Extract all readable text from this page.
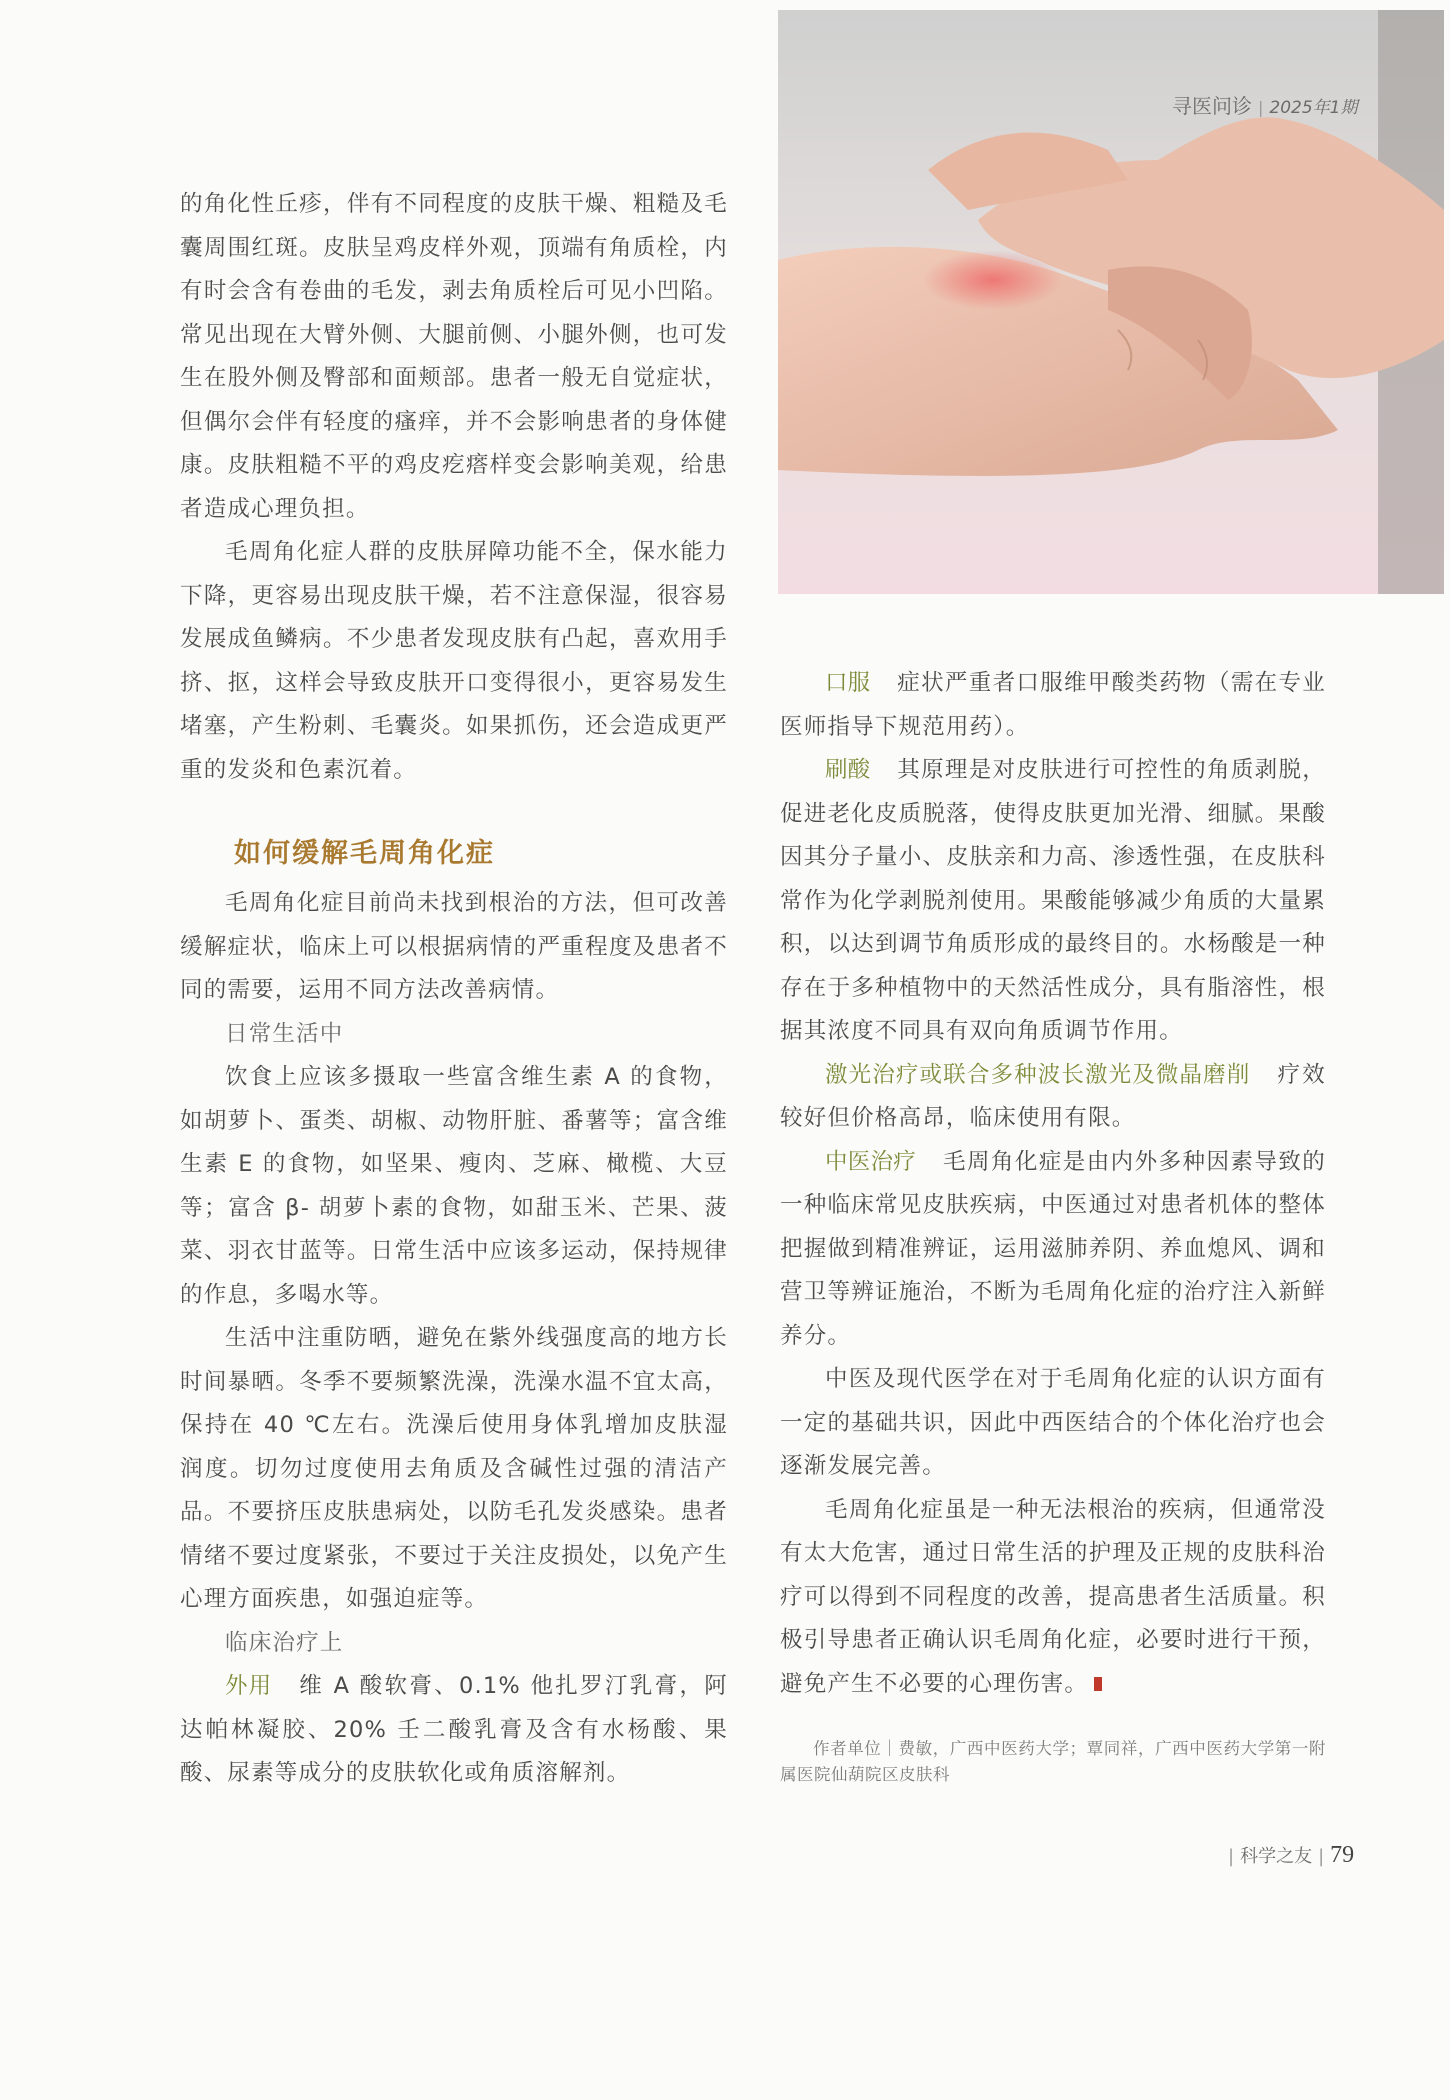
寻医问诊 | 2025年1期

的角化性丘疹，伴有不同程度的皮肤干燥、粗糙及毛囊周围红斑。皮肤呈鸡皮样外观，顶端有角质栓，内有时会含有卷曲的毛发，剥去角质栓后可见小凹陷。常见出现在大臂外侧、大腿前侧、小腿外侧，也可发生在股外侧及臀部和面颊部。患者一般无自觉症状，但偶尔会伴有轻度的瘙痒，并不会影响患者的身体健康。皮肤粗糙不平的鸡皮疙瘩样变会影响美观，给患者造成心理负担。

毛周角化症人群的皮肤屏障功能不全，保水能力下降，更容易出现皮肤干燥，若不注意保湿，很容易发展成鱼鳞病。不少患者发现皮肤有凸起，喜欢用手挤、抠，这样会导致皮肤开口变得很小，更容易发生堵塞，产生粉刺、毛囊炎。如果抓伤，还会造成更严重的发炎和色素沉着。

如何缓解毛周角化症

毛周角化症目前尚未找到根治的方法，但可改善缓解症状，临床上可以根据病情的严重程度及患者不同的需要，运用不同方法改善病情。

日常生活中

饮食上应该多摄取一些富含维生素 A 的食物，如胡萝卜、蛋类、胡椒、动物肝脏、番薯等；富含维生素 E 的食物，如坚果、瘦肉、芝麻、橄榄、大豆等；富含 β- 胡萝卜素的食物，如甜玉米、芒果、菠菜、羽衣甘蓝等。日常生活中应该多运动，保持规律的作息，多喝水等。

生活中注重防晒，避免在紫外线强度高的地方长时间暴晒。冬季不要频繁洗澡，洗澡水温不宜太高，保持在 40 ℃左右。洗澡后使用身体乳增加皮肤湿润度。切勿过度使用去角质及含碱性过强的清洁产品。不要挤压皮肤患病处，以防毛孔发炎感染。患者情绪不要过度紧张，不要过于关注皮损处，以免产生心理方面疾患，如强迫症等。

临床治疗上

外用 维 A 酸软膏、0.1% 他扎罗汀乳膏，阿达帕林凝胶、20% 壬二酸乳膏及含有水杨酸、果酸、尿素等成分的皮肤软化或角质溶解剂。

口服 症状严重者口服维甲酸类药物（需在专业医师指导下规范用药）。

刷酸 其原理是对皮肤进行可控性的角质剥脱，促进老化皮质脱落，使得皮肤更加光滑、细腻。果酸因其分子量小、皮肤亲和力高、渗透性强，在皮肤科常作为化学剥脱剂使用。果酸能够减少角质的大量累积，以达到调节角质形成的最终目的。水杨酸是一种存在于多种植物中的天然活性成分，具有脂溶性，根据其浓度不同具有双向角质调节作用。

激光治疗或联合多种波长激光及微晶磨削 疗效较好但价格高昂，临床使用有限。

中医治疗 毛周角化症是由内外多种因素导致的一种临床常见皮肤疾病，中医通过对患者机体的整体把握做到精准辨证，运用滋肺养阴、养血熄风、调和营卫等辨证施治，不断为毛周角化症的治疗注入新鲜养分。

中医及现代医学在对于毛周角化症的认识方面有一定的基础共识，因此中西医结合的个体化治疗也会逐渐发展完善。

毛周角化症虽是一种无法根治的疾病，但通常没有太大危害，通过日常生活的护理及正规的皮肤科治疗可以得到不同程度的改善，提高患者生活质量。积极引导患者正确认识毛周角化症，必要时进行干预，避免产生不必要的心理伤害。

作者单位｜费敏，广西中医药大学；覃同祥，广西中医药大学第一附属医院仙葫院区皮肤科
| 科学之友 | 79
